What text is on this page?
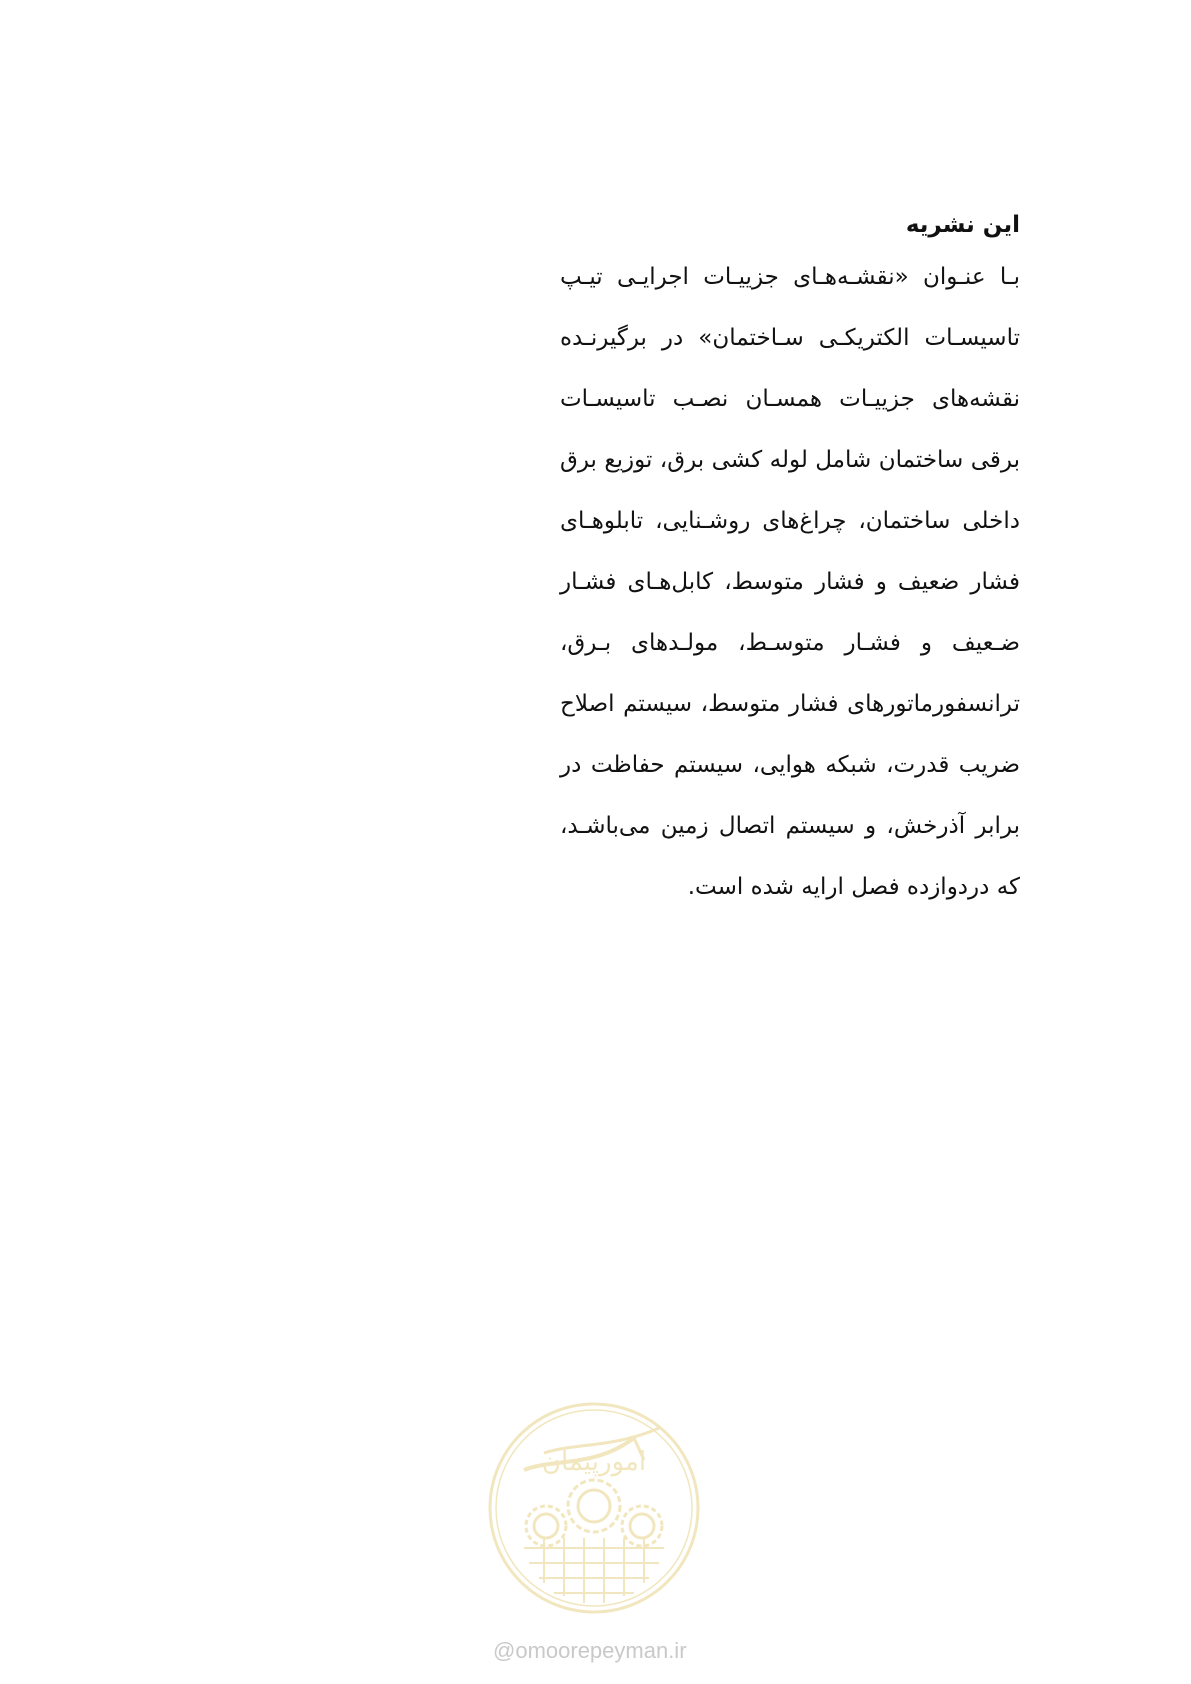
این نشریه
بـا عنـوان «نقشـه‌هـای جزییـات اجرایـی تیـپ
تاسیسـات الکتریکـی سـاختمان» در برگیرنـده
نقشه‌های جزییـات همسـان نصـب تاسیسـات
برقی ساختمان شامل لوله کشی برق، توزیع برق
داخلی ساختمان، چراغ‌های روشـنایی، تابلوهـای
فشار ضعیف و فشار متوسط، کابل‌هـای فشـار
ضـعیف و فشـار متوسـط، مولـدهای بـرق،
ترانسفورماتورهای فشار متوسط، سیستم اصلاح
ضریب قدرت، شبکه هوایی، سیستم حفاظت در
برابر آذرخش، و سیستم اتصال زمین می‌باشـد،
که دردوازده فصل ارایه شده است.
امورپیمان
@omoorepeyman.ir
